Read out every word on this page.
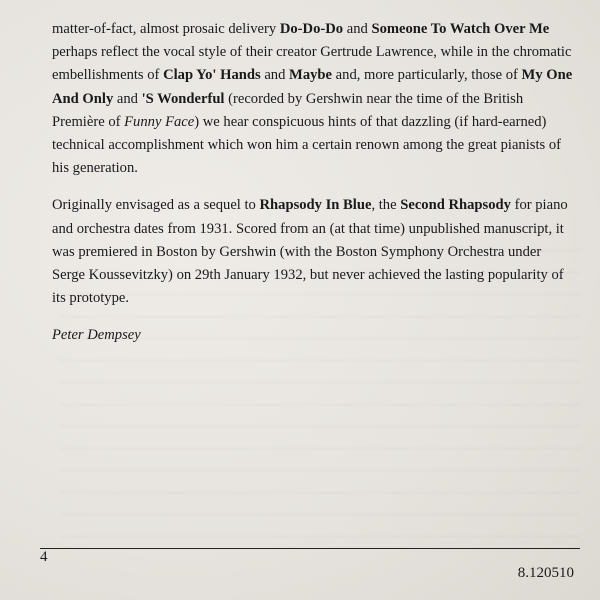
matter-of-fact, almost prosaic delivery Do-Do-Do and Someone To Watch Over Me perhaps reflect the vocal style of their creator Gertrude Lawrence, while in the chromatic embellishments of Clap Yo' Hands and Maybe and, more particularly, those of My One And Only and 'S Wonderful (recorded by Gershwin near the time of the British Première of Funny Face) we hear conspicuous hints of that dazzling (if hard-earned) technical accomplishment which won him a certain renown among the great pianists of his generation.

Originally envisaged as a sequel to Rhapsody In Blue, the Second Rhapsody for piano and orchestra dates from 1931. Scored from an (at that time) unpublished manuscript, it was premiered in Boston by Gershwin (with the Boston Symphony Orchestra under Serge Koussevitzky) on 29th January 1932, but never achieved the lasting popularity of its prototype.

Peter Dempsey

4
8.120510
